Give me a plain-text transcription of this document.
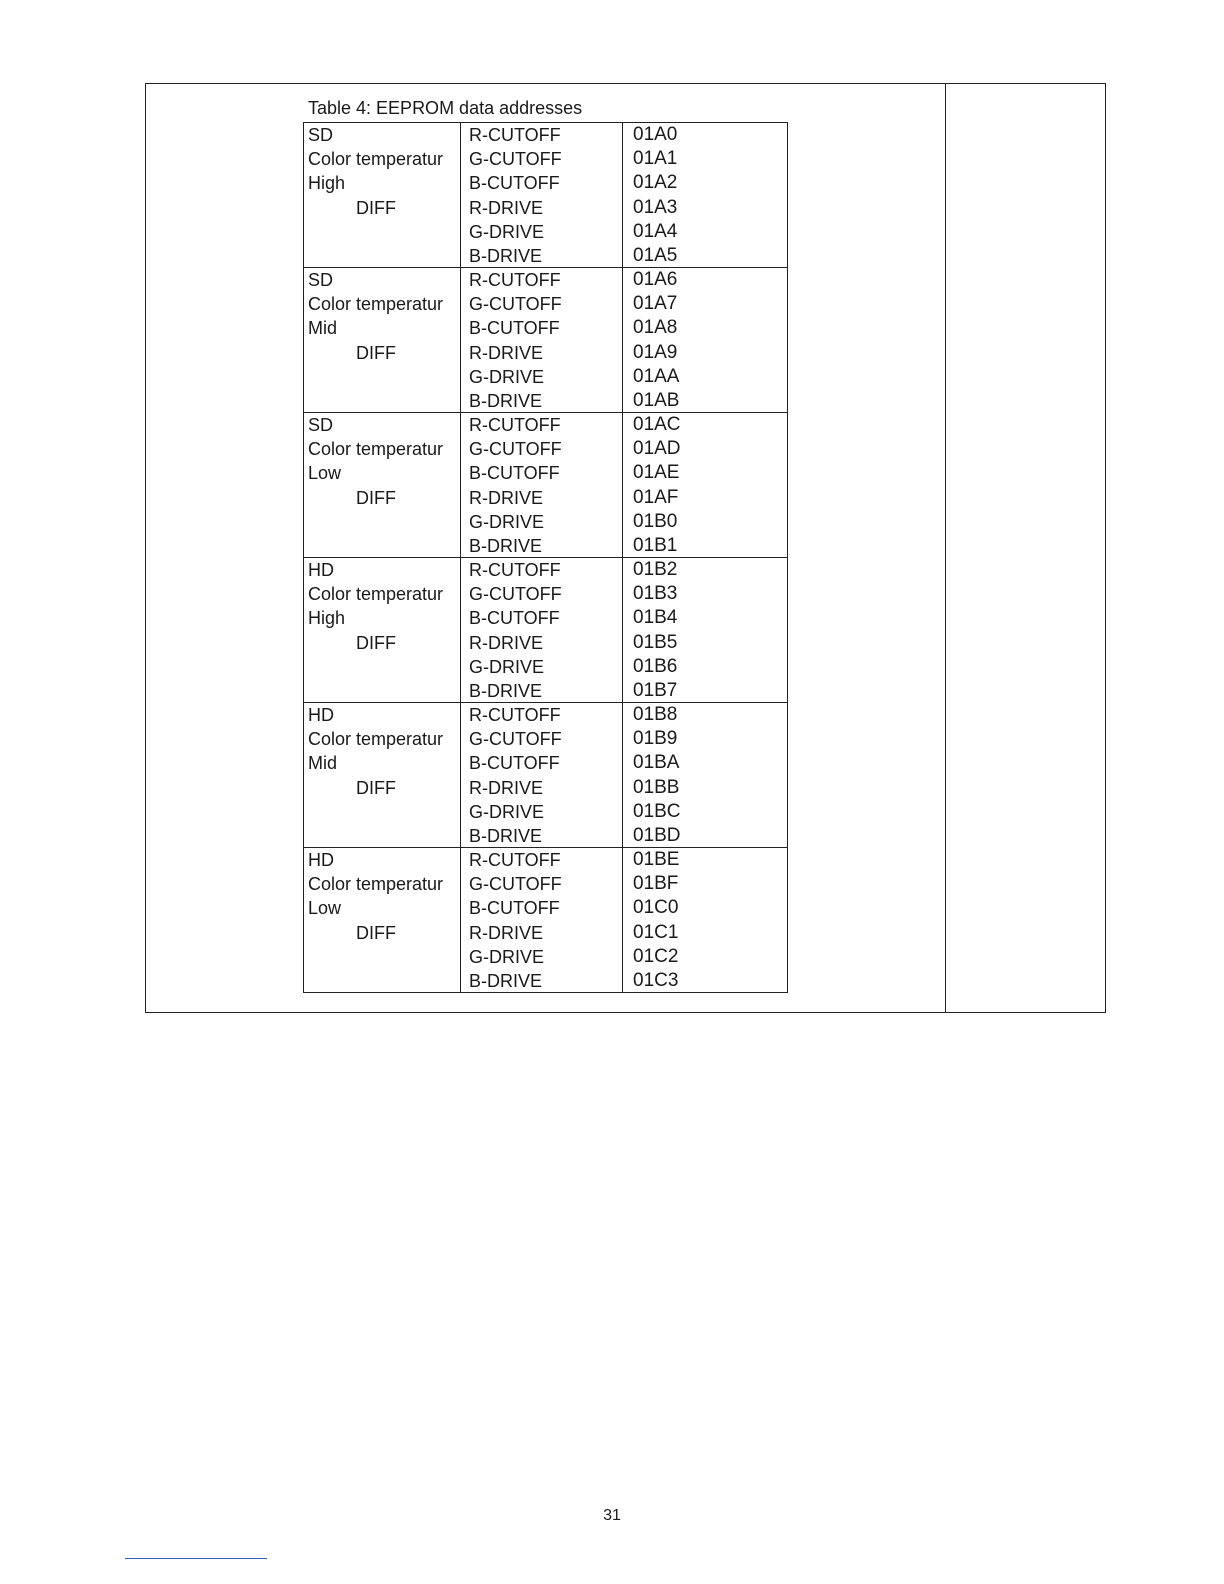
Table 4: EEPROM data addresses
SD
Color temperatur
High
DIFF
R-CUTOFF
G-CUTOFF
B-CUTOFF
R-DRIVE
G-DRIVE
B-DRIVE
01A0
01A1
01A2
01A3
01A4
01A5
SD
Color temperatur
Mid
DIFF
R-CUTOFF
G-CUTOFF
B-CUTOFF
R-DRIVE
G-DRIVE
B-DRIVE
01A6
01A7
01A8
01A9
01AA
01AB
SD
Color temperatur
Low
DIFF
R-CUTOFF
G-CUTOFF
B-CUTOFF
R-DRIVE
G-DRIVE
B-DRIVE
01AC
01AD
01AE
01AF
01B0
01B1
HD
Color temperatur
High
DIFF
R-CUTOFF
G-CUTOFF
B-CUTOFF
R-DRIVE
G-DRIVE
B-DRIVE
01B2
01B3
01B4
01B5
01B6
01B7
HD
Color temperatur
Mid
DIFF
R-CUTOFF
G-CUTOFF
B-CUTOFF
R-DRIVE
G-DRIVE
B-DRIVE
01B8
01B9
01BA
01BB
01BC
01BD
HD
Color temperatur
Low
DIFF
R-CUTOFF
G-CUTOFF
B-CUTOFF
R-DRIVE
G-DRIVE
B-DRIVE
01BE
01BF
01C0
01C1
01C2
01C3
31
